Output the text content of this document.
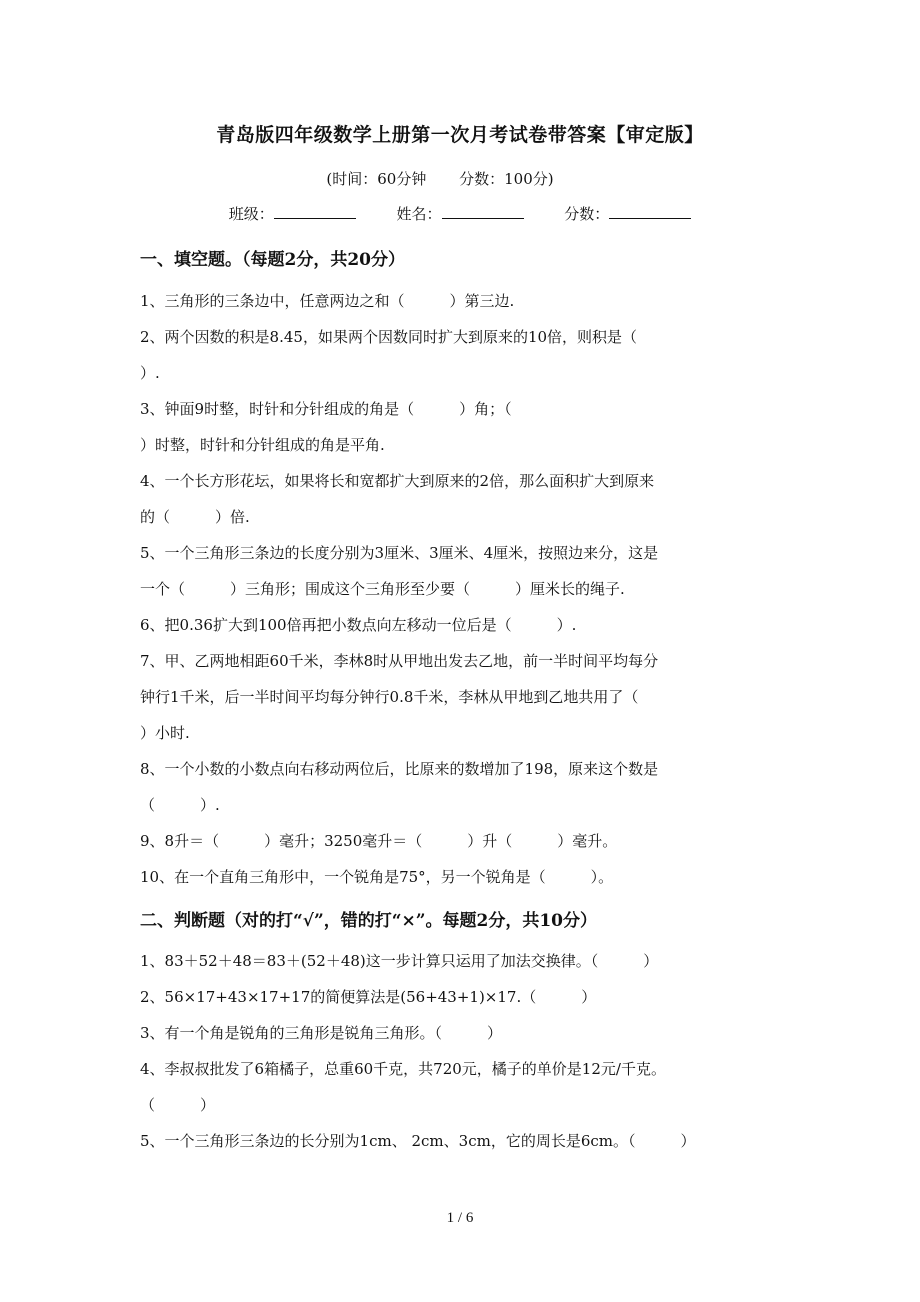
青岛版四年级数学上册第一次月考试卷带答案【审定版】
(时间：60分钟 分数：100分)
班级：	姓名：	分数：
一、填空题。（每题2分，共20分）
1、三角形的三条边中，任意两边之和（　　　）第三边.
2、两个因数的积是8.45，如果两个因数同时扩大到原来的10倍，则积是（
）.
3、钟面9时整，时针和分针组成的角是（　　　）角；（
）时整，时针和分针组成的角是平角.
4、一个长方形花坛，如果将长和宽都扩大到原来的2倍，那么面积扩大到原来
的（　　　）倍.
5、一个三角形三条边的长度分别为3厘米、3厘米、4厘米，按照边来分，这是
一个（　　　）三角形；围成这个三角形至少要（　　　）厘米长的绳子.
6、把0.36扩大到100倍再把小数点向左移动一位后是（　　　）.
7、甲、乙两地相距60千米，李林8时从甲地出发去乙地，前一半时间平均每分
钟行1千米，后一半时间平均每分钟行0.8千米，李林从甲地到乙地共用了（
）小时.
8、一个小数的小数点向右移动两位后，比原来的数增加了198，原来这个数是
（　　　）.
9、8升＝（　　　）毫升；3250毫升＝（　　　）升（　　　）毫升。
10、在一个直角三角形中，一个锐角是75°，另一个锐角是（　　　）。
二、判断题（对的打“√”，错的打“×”。每题2分，共10分）
1、83＋52＋48＝83＋(52＋48)这一步计算只运用了加法交换律。（　　　）
2、56×17+43×17+17的简便算法是(56+43+1)×17.（　　　）
3、有一个角是锐角的三角形是锐角三角形。（　　　）
4、李叔叔批发了6箱橘子，总重60千克，共720元，橘子的单价是12元/千克。
（　　　）
5、一个三角形三条边的长分别为1cm、 2cm、3cm，它的周长是6cm。（　　　）
1 / 6
